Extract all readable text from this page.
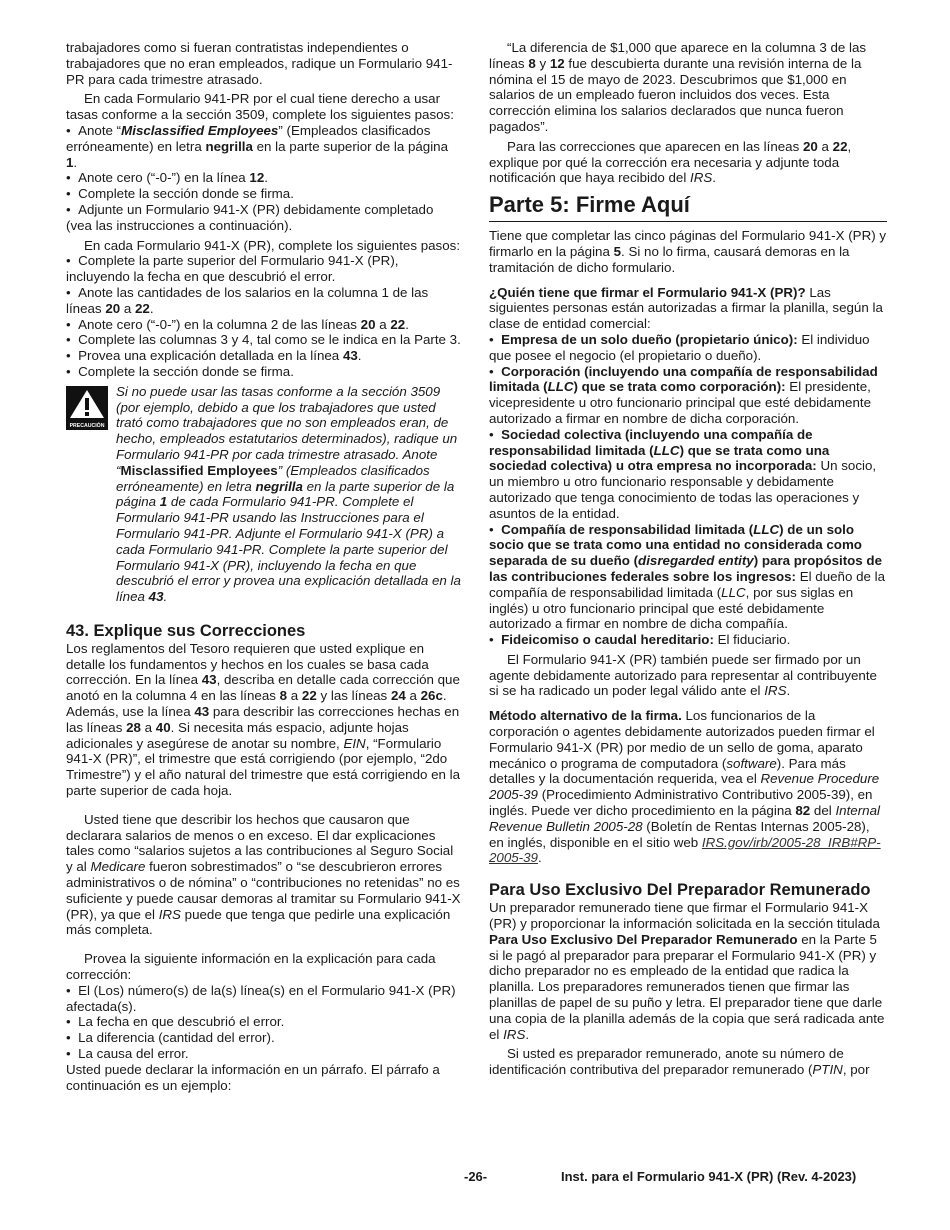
trabajadores como si fueran contratistas independientes o trabajadores que no eran empleados, radique un Formulario 941-PR para cada trimestre atrasado.

En cada Formulario 941-PR por el cual tiene derecho a usar tasas conforme a la sección 3509, complete los siguientes pasos:

•  Anote “Misclassified Employees” (Empleados clasificados erróneamente) en letra negrilla en la parte superior de la página 1.

•  Anote cero (“-0-”) en la línea 12.

•  Complete la sección donde se firma.

•  Adjunte un Formulario 941-X (PR) debidamente completado (vea las instrucciones a continuación).

En cada Formulario 941-X (PR), complete los siguientes pasos:

•  Complete la parte superior del Formulario 941-X (PR), incluyendo la fecha en que descubrió el error.

•  Anote las cantidades de los salarios en la columna 1 de las líneas 20 a 22.

•  Anote cero (“-0-”) en la columna 2 de las líneas 20 a 22.

•  Complete las columnas 3 y 4, tal como se le indica en la Parte 3.

•  Provea una explicación detallada en la línea 43.

•  Complete la sección donde se firma.

PRECAUCIÓN

Si no puede usar las tasas conforme a la sección 3509 (por ejemplo, debido a que los trabajadores que usted trató como trabajadores que no son empleados eran, de hecho, empleados estatutarios determinados), radique un Formulario 941-PR por cada trimestre atrasado. Anote “Misclassified Employees” (Empleados clasificados erróneamente) en letra negrilla en la parte superior de la página 1 de cada Formulario 941-PR. Complete el Formulario 941-PR usando las Instrucciones para el Formulario 941-PR. Adjunte el Formulario 941-X (PR) a cada Formulario 941-PR. Complete la parte superior del Formulario 941-X (PR), incluyendo la fecha en que descubrió el error y provea una explicación detallada en la línea 43.

43. Explique sus Correcciones

Los reglamentos del Tesoro requieren que usted explique en detalle los fundamentos y hechos en los cuales se basa cada corrección. En la línea 43, describa en detalle cada corrección que anotó en la columna 4 en las líneas 8 a 22 y las líneas 24 a 26c. Además, use la línea 43 para describir las correcciones hechas en las líneas 28 a 40. Si necesita más espacio, adjunte hojas adicionales y asegúrese de anotar su nombre, EIN, “Formulario 941-X (PR)”, el trimestre que está corrigiendo (por ejemplo, “2do Trimestre”) y el año natural del trimestre que está corrigiendo en la parte superior de cada hoja.

Usted tiene que describir los hechos que causaron que declarara salarios de menos o en exceso. El dar explicaciones tales como “salarios sujetos a las contribuciones al Seguro Social y al Medicare fueron sobrestimados” o “se descubrieron errores administrativos o de nómina” o “contribuciones no retenidas” no es suficiente y puede causar demoras al tramitar su Formulario 941-X (PR), ya que el IRS puede que tenga que pedirle una explicación más completa.

Provea la siguiente información en la explicación para cada corrección:

•  El (Los) número(s) de la(s) línea(s) en el Formulario 941-X (PR) afectada(s).

•  La fecha en que descubrió el error.

•  La diferencia (cantidad del error).

•  La causa del error.

Usted puede declarar la información en un párrafo. El párrafo a continuación es un ejemplo:

“La diferencia de $1,000 que aparece en la columna 3 de las líneas 8 y 12 fue descubierta durante una revisión interna de la nómina el 15 de mayo de 2023. Descubrimos que $1,000 en salarios de un empleado fueron incluidos dos veces. Esta corrección elimina los salarios declarados que nunca fueron pagados”.

Para las correcciones que aparecen en las líneas 20 a 22, explique por qué la corrección era necesaria y adjunte toda notificación que haya recibido del IRS.

Parte 5: Firme Aquí

Tiene que completar las cinco páginas del Formulario 941-X (PR) y firmarlo en la página 5. Si no lo firma, causará demoras en la tramitación de dicho formulario.

¿Quién tiene que firmar el Formulario 941-X (PR)? Las siguientes personas están autorizadas a firmar la planilla, según la clase de entidad comercial:

•  Empresa de un solo dueño (propietario único): El individuo que posee el negocio (el propietario o dueño).

•  Corporación (incluyendo una compañía de responsabilidad limitada (LLC) que se trata como corporación): El presidente, vicepresidente u otro funcionario principal que esté debidamente autorizado a firmar en nombre de dicha corporación.

•  Sociedad colectiva (incluyendo una compañía de responsabilidad limitada (LLC) que se trata como una sociedad colectiva) u otra empresa no incorporada: Un socio, un miembro u otro funcionario responsable y debidamente autorizado que tenga conocimiento de todas las operaciones y asuntos de la entidad.

•  Compañía de responsabilidad limitada (LLC) de un solo socio que se trata como una entidad no considerada como separada de su dueño (disregarded entity) para propósitos de las contribuciones federales sobre los ingresos: El dueño de la compañía de responsabilidad limitada (LLC, por sus siglas en inglés) u otro funcionario principal que esté debidamente autorizado a firmar en nombre de dicha compañía.

•  Fideicomiso o caudal hereditario: El fiduciario.

El Formulario 941-X (PR) también puede ser firmado por un agente debidamente autorizado para representar al contribuyente si se ha radicado un poder legal válido ante el IRS.

Método alternativo de la firma. Los funcionarios de la corporación o agentes debidamente autorizados pueden firmar el Formulario 941-X (PR) por medio de un sello de goma, aparato mecánico o programa de computadora (software). Para más detalles y la documentación requerida, vea el Revenue Procedure 2005-39 (Procedimiento Administrativo Contributivo 2005-39), en inglés. Puede ver dicho procedimiento en la página 82 del Internal Revenue Bulletin 2005-28 (Boletín de Rentas Internas 2005-28), en inglés, disponible en el sitio web IRS.gov/irb/2005-28_IRB#RP-2005-39.

Para Uso Exclusivo Del Preparador Remunerado

Un preparador remunerado tiene que firmar el Formulario 941-X (PR) y proporcionar la información solicitada en la sección titulada Para Uso Exclusivo Del Preparador Remunerado en la Parte 5 si le pagó al preparador para preparar el Formulario 941-X (PR) y dicho preparador no es empleado de la entidad que radica la planilla. Los preparadores remunerados tienen que firmar las planillas de papel de su puño y letra. El preparador tiene que darle una copia de la planilla además de la copia que será radicada ante el IRS.

Si usted es preparador remunerado, anote su número de identificación contributiva del preparador remunerado (PTIN, por

-26-	Inst. para el Formulario 941-X (PR) (Rev. 4-2023)
